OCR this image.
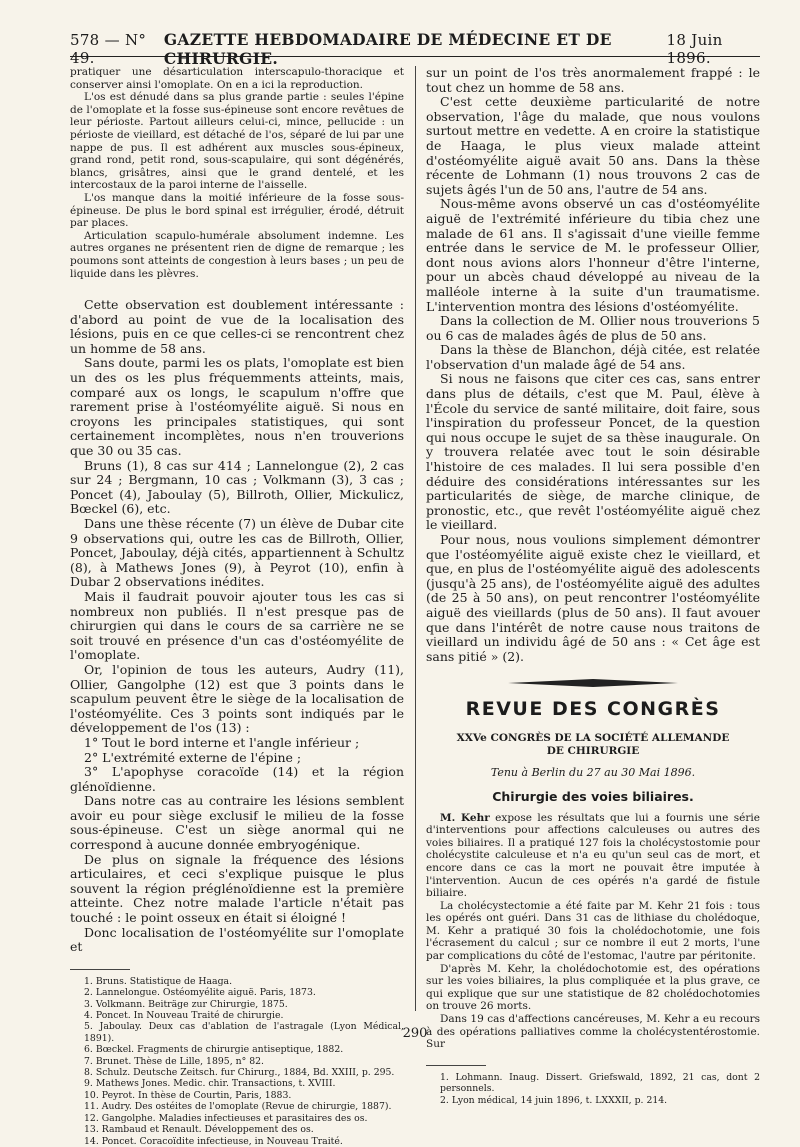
578 — N° 49.
GAZETTE HEBDOMADAIRE DE MÉDECINE ET DE CHIRURGIE.
18 Juin 1896.

pratiquer une désarticulation interscapulo-thoracique et conserver ainsi l'omoplate. On en a ici la reproduction.

L'os est dénudé dans sa plus grande partie : seules l'épine de l'omoplate et la fosse sus-épineuse sont encore revêtues de leur périoste. Partout ailleurs celui-ci, mince, pellucide : un périoste de vieillard, est détaché de l'os, séparé de lui par une nappe de pus. Il est adhérent aux muscles sous-épineux, grand rond, petit rond, sous-scapulaire, qui sont dégénérés, blancs, grisâtres, ainsi que le grand dentelé, et les intercostaux de la paroi interne de l'aisselle.

L'os manque dans la moitié inférieure de la fosse sous-épineuse. De plus le bord spinal est irrégulier, érodé, détruit par places.

Articulation scapulo-humérale absolument indemne. Les autres organes ne présentent rien de digne de remarque ; les poumons sont atteints de congestion à leurs bases ; un peu de liquide dans les plèvres.

Cette observation est doublement intéressante : d'abord au point de vue de la localisation des lésions, puis en ce que celles-ci se rencontrent chez un homme de 58 ans.

Sans doute, parmi les os plats, l'omoplate est bien un des os les plus fréquemments atteints, mais, comparé aux os longs, le scapulum n'offre que rarement prise à l'ostéomyélite aiguë. Si nous en croyons les principales statistiques, qui sont certainement incomplètes, nous n'en trouverions que 30 ou 35 cas.

Bruns (1), 8 cas sur 414 ; Lannelongue (2), 2 cas sur 24 ; Bergmann, 10 cas ; Volkmann (3), 3 cas ; Poncet (4), Jaboulay (5), Billroth, Ollier, Mickulicz, Bœckel (6), etc.

Dans une thèse récente (7) un élève de Dubar cite 9 observations qui, outre les cas de Billroth, Ollier, Poncet, Jaboulay, déjà cités, appartiennent à Schultz (8), à Mathews Jones (9), à Peyrot (10), enfin à Dubar 2 observations inédites.

Mais il faudrait pouvoir ajouter tous les cas si nombreux non publiés. Il n'est presque pas de chirurgien qui dans le cours de sa carrière ne se soit trouvé en présence d'un cas d'ostéomyélite de l'omoplate.

Or, l'opinion de tous les auteurs, Audry (11), Ollier, Gangolphe (12) est que 3 points dans le scapulum peuvent être le siège de la localisation de l'ostéomyélite. Ces 3 points sont indiqués par le développement de l'os (13) :

1° Tout le bord interne et l'angle inférieur ;

2° L'extrémité externe de l'épine ;

3° L'apophyse coracoïde (14) et la région glénoïdienne.

Dans notre cas au contraire les lésions semblent avoir eu pour siège exclusif le milieu de la fosse sous-épineuse. C'est un siège anormal qui ne correspond à aucune donnée embryogénique.

De plus on signale la fréquence des lésions articulaires, et ceci s'explique puisque le plus souvent la région préglénoïdienne est la première atteinte. Chez notre malade l'article n'était pas touché : le point osseux en était si éloigné !

Donc localisation de l'ostéomyélite sur l'omoplate et

1. Bruns. Statistique de Haaga.
2. Lannelongue. Ostéomyélite aiguë. Paris, 1873.
3. Volkmann. Beiträge zur Chirurgie, 1875.
4. Poncet. In Nouveau Traité de chirurgie.
5. Jaboulay. Deux cas d'ablation de l'astragale (Lyon Médical, 1891).
6. Bœckel. Fragments de chirurgie antiseptique, 1882.
7. Brunet. Thèse de Lille, 1895, n° 82.
8. Schulz. Deutsche Zeitsch. fur Chirurg., 1884, Bd. XXIII, p. 295.
9. Mathews Jones. Medic. chir. Transactions, t. XVIII.
10. Peyrot. In thèse de Courtin, Paris, 1883.
11. Audry. Des ostéites de l'omoplate (Revue de chirurgie, 1887).
12. Gangolphe. Maladies infectieuses et parasitaires des os.
13. Rambaud et Renault. Développement des os.
14. Poncet. Coracoïdite infectieuse, in Nouveau Traité.

sur un point de l'os très anormalement frappé : le tout chez un homme de 58 ans.

C'est cette deuxième particularité de notre observation, l'âge du malade, que nous voulons surtout mettre en vedette. A en croire la statistique de Haaga, le plus vieux malade atteint d'ostéomyélite aiguë avait 50 ans. Dans la thèse récente de Lohmann (1) nous trouvons 2 cas de sujets âgés l'un de 50 ans, l'autre de 54 ans.

Nous-même avons observé un cas d'ostéomyélite aiguë de l'extrémité inférieure du tibia chez une malade de 61 ans. Il s'agissait d'une vieille femme entrée dans le service de M. le professeur Ollier, dont nous avions alors l'honneur d'être l'interne, pour un abcès chaud développé au niveau de la malléole interne à la suite d'un traumatisme. L'intervention montra des lésions d'ostéomyélite.

Dans la collection de M. Ollier nous trouverions 5 ou 6 cas de malades âgés de plus de 50 ans.

Dans la thèse de Blanchon, déjà citée, est relatée l'observation d'un malade âgé de 54 ans.

Si nous ne faisons que citer ces cas, sans entrer dans plus de détails, c'est que M. Paul, élève à l'École du service de santé militaire, doit faire, sous l'inspiration du professeur Poncet, de la question qui nous occupe le sujet de sa thèse inaugurale. On y trouvera relatée avec tout le soin désirable l'histoire de ces malades. Il lui sera possible d'en déduire des considérations intéressantes sur les particularités de siège, de marche clinique, de pronostic, etc., que revêt l'ostéomyélite aiguë chez le vieillard.

Pour nous, nous voulions simplement démontrer que l'ostéomyélite aiguë existe chez le vieillard, et que, en plus de l'ostéomyélite aiguë des adolescents (jusqu'à 25 ans), de l'ostéomyélite aiguë des adultes (de 25 à 50 ans), on peut rencontrer l'ostéomyélite aiguë des vieillards (plus de 50 ans). Il faut avouer que dans l'intérêt de notre cause nous traitons de vieillard un individu âgé de 50 ans : « Cet âge est sans pitié » (2).

REVUE DES CONGRÈS
XXVe CONGRÈS DE LA SOCIÉTÉ ALLEMANDE
DE CHIRURGIE
Tenu à Berlin du 27 au 30 Mai 1896.
Chirurgie des voies biliaires.

M. Kehr expose les résultats que lui a fournis une série d'interventions pour affections calculeuses ou autres des voies biliaires. Il a pratiqué 127 fois la cholécystostomie pour cholécystite calculeuse et n'a eu qu'un seul cas de mort, et encore dans ce cas la mort ne pouvait être imputée à l'intervention. Aucun de ces opérés n'a gardé de fistule biliaire.

La cholécystectomie a été faite par M. Kehr 21 fois : tous les opérés ont guéri. Dans 31 cas de lithiase du cholédoque, M. Kehr a pratiqué 30 fois la cholédochotomie, une fois l'écrasement du calcul ; sur ce nombre il eut 2 morts, l'une par complications du côté de l'estomac, l'autre par péritonite.

D'après M. Kehr, la cholédochotomie est, des opérations sur les voies biliaires, la plus compliquée et la plus grave, ce qui explique que sur une statistique de 82 cholédochotomies on trouve 26 morts.

Dans 19 cas d'affections cancéreuses, M. Kehr a eu recours à des opérations palliatives comme la cholécystentérostomie. Sur

1. Lohmann. Inaug. Dissert. Griefswald, 1892, 21 cas, dont 2 personnels.
2. Lyon médical, 14 juin 1896, t. LXXXII, p. 214.
290
